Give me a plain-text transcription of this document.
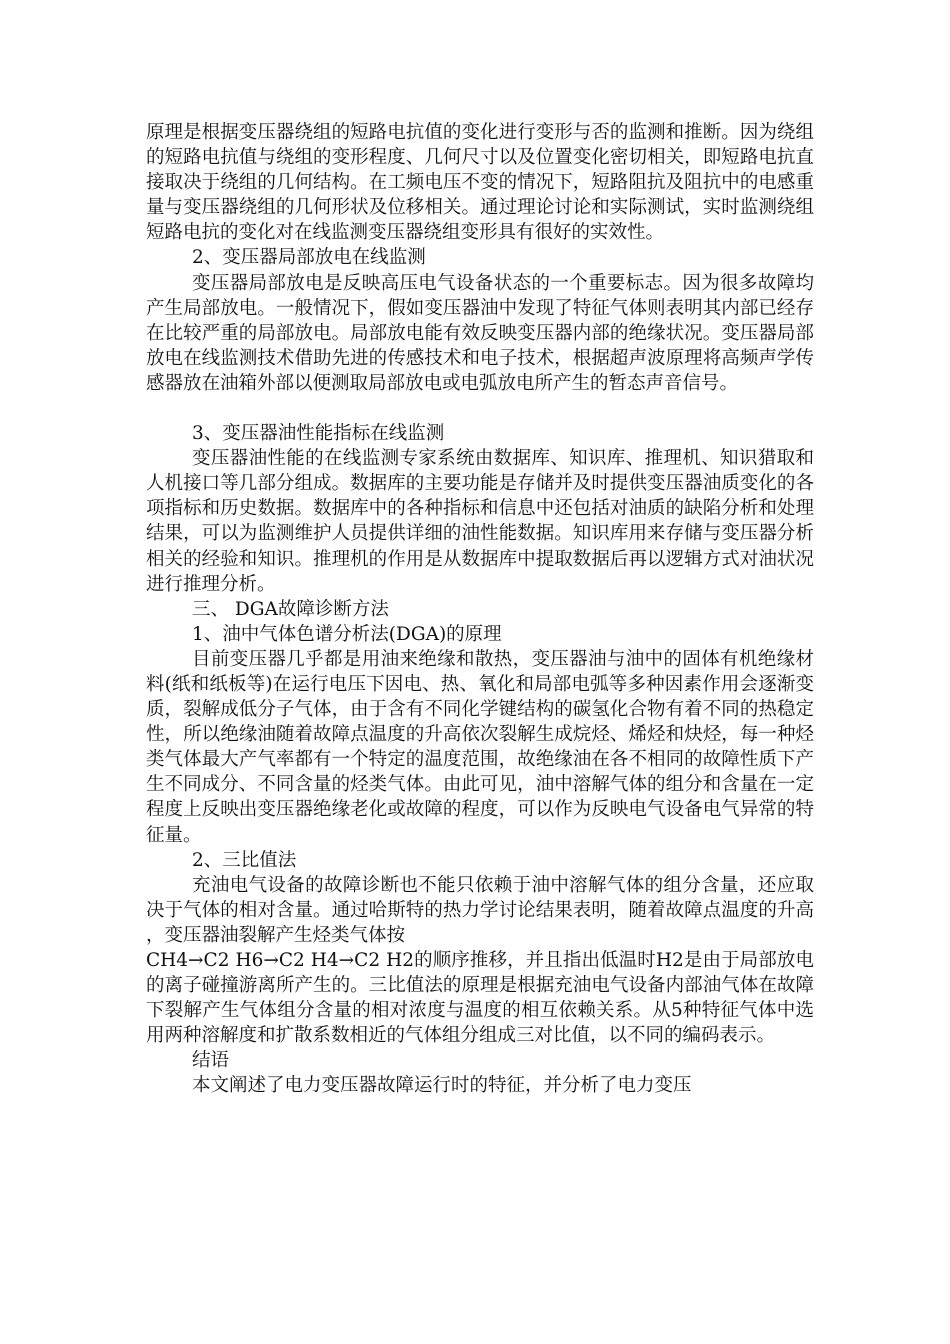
原理是根据变压器绕组的短路电抗值的变化进行变形与否的监测和推断。因为绕组的短路电抗值与绕组的变形程度、几何尺寸以及位置变化密切相关，即短路电抗直接取决于绕组的几何结构。在工频电压不变的情况下，短路阻抗及阻抗中的电感重量与变压器绕组的几何形状及位移相关。通过理论讨论和实际测试，实时监测绕组短路电抗的变化对在线监测变压器绕组变形具有很好的实效性。

2、变压器局部放电在线监测

变压器局部放电是反映高压电气设备状态的一个重要标志。因为很多故障均产生局部放电。一般情况下，假如变压器油中发现了特征气体则表明其内部已经存在比较严重的局部放电。局部放电能有效反映变压器内部的绝缘状况。变压器局部放电在线监测技术借助先进的传感技术和电子技术，根据超声波原理将高频声学传感器放在油箱外部以便测取局部放电或电弧放电所产生的暂态声音信号。

3、变压器油性能指标在线监测

变压器油性能的在线监测专家系统由数据库、知识库、推理机、知识猎取和人机接口等几部分组成。数据库的主要功能是存储并及时提供变压器油质变化的各项指标和历史数据。数据库中的各种指标和信息中还包括对油质的缺陷分析和处理结果，可以为监测维护人员提供详细的油性能数据。知识库用来存储与变压器分析相关的经验和知识。推理机的作用是从数据库中提取数据后再以逻辑方式对油状况进行推理分析。

三、 DGA故障诊断方法

1、油中气体色谱分析法(DGA)的原理

目前变压器几乎都是用油来绝缘和散热，变压器油与油中的固体有机绝缘材料(纸和纸板等)在运行电压下因电、热、氧化和局部电弧等多种因素作用会逐渐变质，裂解成低分子气体，由于含有不同化学键结构的碳氢化合物有着不同的热稳定性，所以绝缘油随着故障点温度的升高依次裂解生成烷烃、烯烃和炔烃，每一种烃类气体最大产气率都有一个特定的温度范围，故绝缘油在各不相同的故障性质下产生不同成分、不同含量的烃类气体。由此可见，油中溶解气体的组分和含量在一定程度上反映出变压器绝缘老化或故障的程度，可以作为反映电气设备电气异常的特征量。

2、三比值法

充油电气设备的故障诊断也不能只依赖于油中溶解气体的组分含量，还应取决于气体的相对含量。通过哈斯特的热力学讨论结果表明，随着故障点温度的升高，变压器油裂解产生烃类气体按

CH4→C2 H6→C2 H4→C2 H2的顺序推移，并且指出低温时H2是由于局部放电的离子碰撞游离所产生的。三比值法的原理是根据充油电气设备内部油气体在故障下裂解产生气体组分含量的相对浓度与温度的相互依赖关系。从5种特征气体中选用两种溶解度和扩散系数相近的气体组分组成三对比值，以不同的编码表示。

结语

本文阐述了电力变压器故障运行时的特征，并分析了电力变压
